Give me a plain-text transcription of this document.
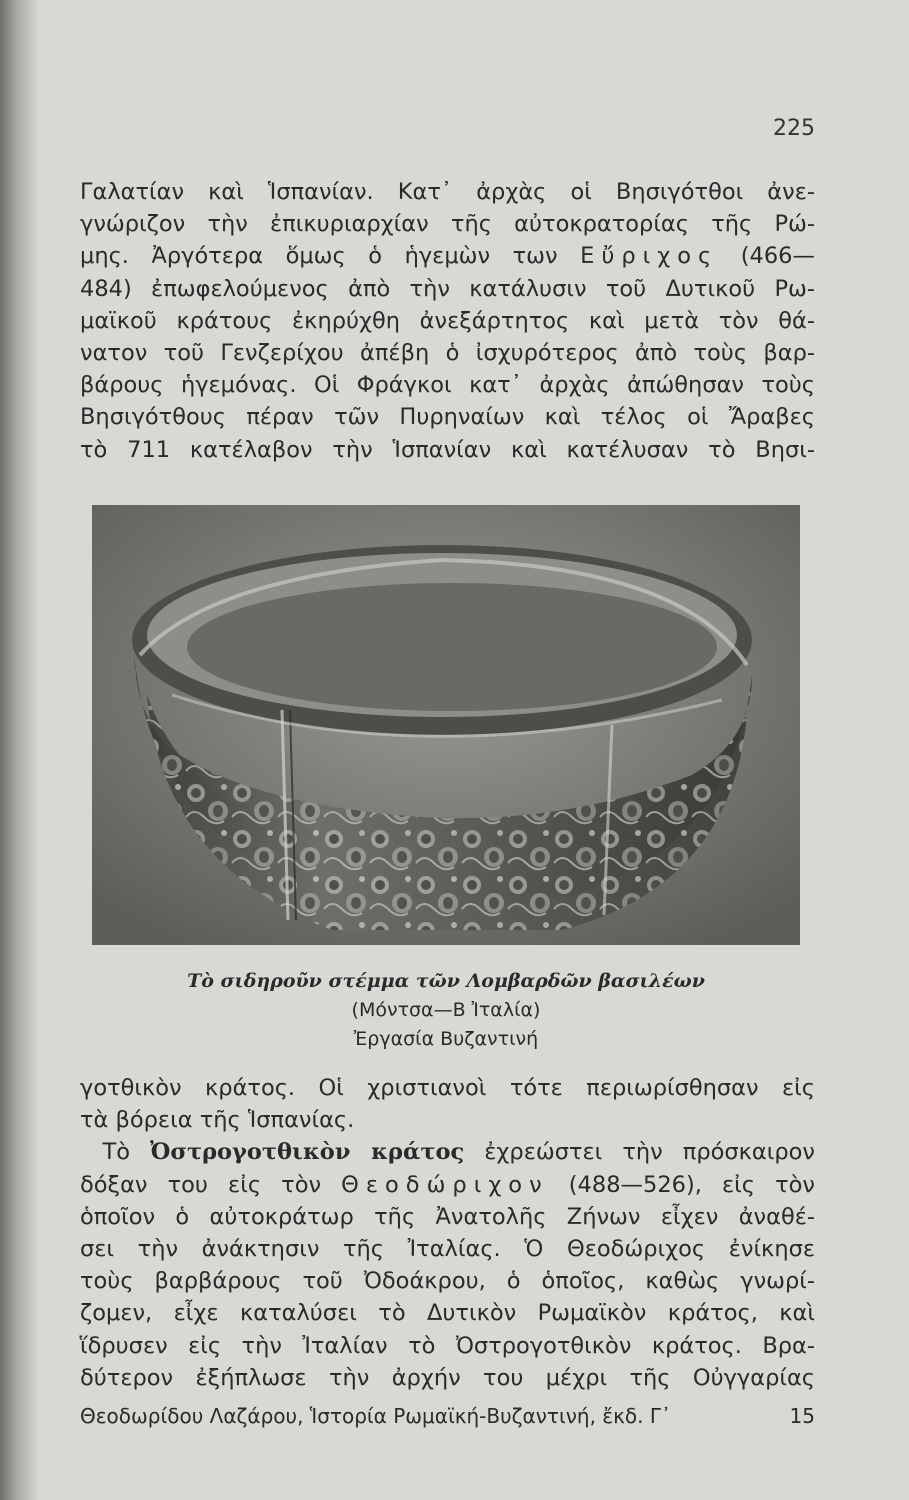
225
Γαλατίαν καὶ Ἱσπανίαν. Κατ᾽ ἀρχὰς οἱ Βησιγότθοι ἀνε-
γνώριζον τὴν ἐπικυριαρχίαν τῆς αὐτοκρατορίας τῆς Ρώ-
μης. Ἀργότερα ὅμως ὁ ἡγεμὼν των Εὔριχος (466—
484) ἐπωφελούμενος ἀπὸ τὴν κατάλυσιν τοῦ Δυτικοῦ Ρω-
μαϊκοῦ κράτους ἐκηρύχθη ἀνεξάρτητος καὶ μετὰ τὸν θά-
νατον τοῦ Γενζερίχου ἀπέβη ὁ ἰσχυρότερος ἀπὸ τοὺς βαρ-
βάρους ἡγεμόνας. Οἱ Φράγκοι κατ᾽ ἀρχὰς ἀπώθησαν τοὺς
Βησιγότθους πέραν τῶν Πυρηναίων καὶ τέλος οἱ Ἄραβες
τὸ 711 κατέλαβον τὴν Ἱσπανίαν καὶ κατέλυσαν τὸ Βησι-
Τὸ σιδηροῦν στέμμα τῶν Λομβαρδῶν βασιλέων
(Μόντσα—Β Ἰταλία)
Ἐργασία Βυζαντινή
γοτθικὸν κράτος. Οἱ χριστιανοὶ τότε περιωρίσθησαν εἰς
τὰ βόρεια τῆς Ἱσπανίας.
 Τὸ Ὀστρογοτθικὸν κράτος ἐχρεώστει τὴν πρόσκαιρον
δόξαν του εἰς τὸν Θεοδώριχον (488—526), εἰς τὸν
ὁποῖον ὁ αὐτοκράτωρ τῆς Ἀνατολῆς Ζήνων εἶχεν ἀναθέ-
σει τὴν ἀνάκτησιν τῆς Ἰταλίας. Ὁ Θεοδώριχος ἐνίκησε
τοὺς βαρβάρους τοῦ Ὀδοάκρου, ὁ ὁποῖος, καθὼς γνωρί-
ζομεν, εἶχε καταλύσει τὸ Δυτικὸν Ρωμαϊκὸν κράτος, καὶ
ἵδρυσεν εἰς τὴν Ἰταλίαν τὸ Ὀστρογοτθικὸν κράτος. Βρα-
δύτερον ἐξήπλωσε τὴν ἀρχήν του μέχρι τῆς Οὐγγαρίας
Θεοδωρίδου Λαζάρου, Ἱστορία Ρωμαϊκή-Βυζαντινή, ἔκδ. Γ᾽	15
